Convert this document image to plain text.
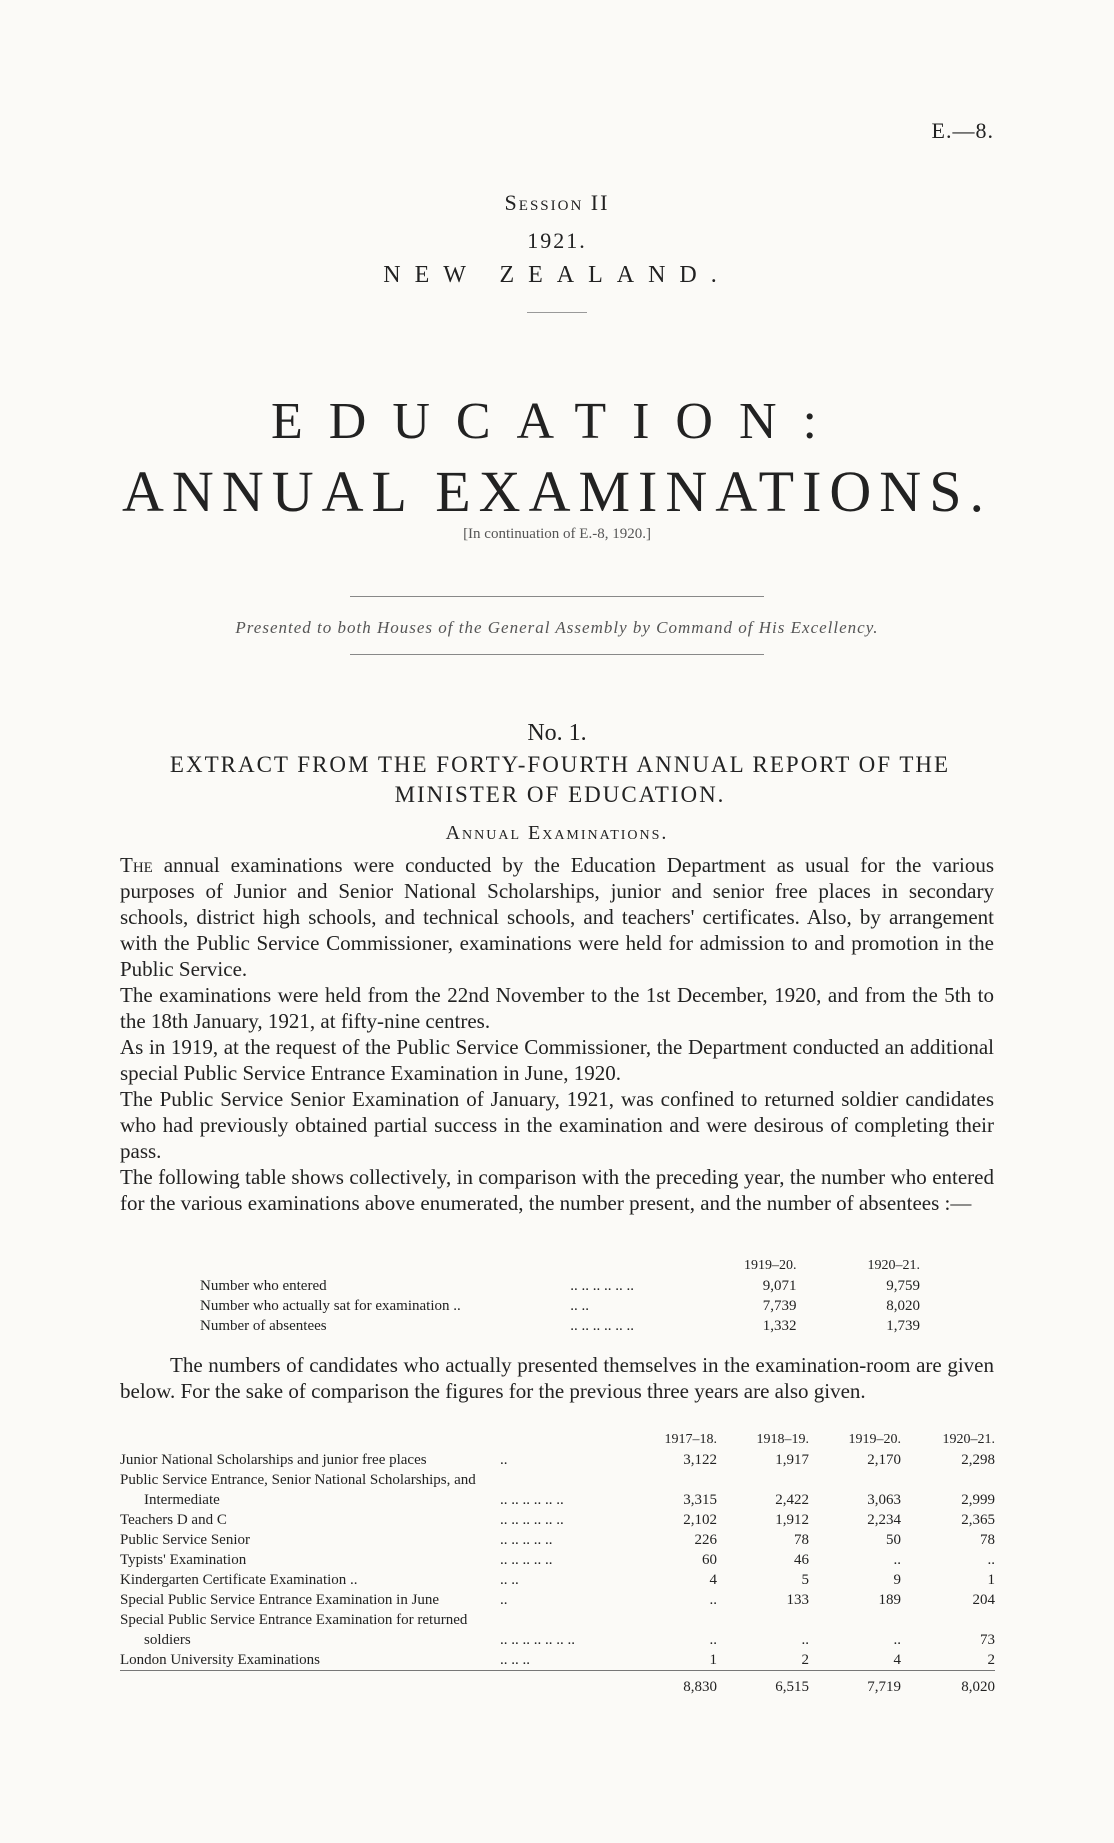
E.—8.
Session II
1921.
NEW ZEALAND.
EDUCATION:
ANNUAL EXAMINATIONS.
[In continuation of E.-8, 1920.]
Presented to both Houses of the General Assembly by Command of His Excellency.
No. 1.
EXTRACT FROM THE FORTY-FOURTH ANNUAL REPORT OF THE MINISTER OF EDUCATION.
Annual Examinations.

The annual examinations were conducted by the Education Department as usual for the various purposes of Junior and Senior National Scholarships, junior and senior free places in secondary schools, district high schools, and technical schools, and teachers' certificates. Also, by arrangement with the Public Service Commissioner, examinations were held for admission to and promotion in the Public Service.

The examinations were held from the 22nd November to the 1st December, 1920, and from the 5th to the 18th January, 1921, at fifty-nine centres.

As in 1919, at the request of the Public Service Commissioner, the Department conducted an additional special Public Service Entrance Examination in June, 1920.

The Public Service Senior Examination of January, 1921, was confined to returned soldier candidates who had previously obtained partial success in the examination and were desirous of completing their pass.

The following table shows collectively, in comparison with the preceding year, the number who entered for the various examinations above enumerated, the number present, and the number of absentees :—

		1919–20.	1920–21.
Number who entered	.. .. .. .. .. ..	9,071	9,759
Number who actually sat for examination ..	.. ..	7,739	8,020
Number of absentees	.. .. .. .. .. ..	1,332	1,739

The numbers of candidates who actually presented themselves in the examination-room are given below. For the sake of comparison the figures for the previous three years are also given.

		1917–18.	1918–19.	1919–20.	1920–21.
Junior National Scholarships and junior free places	..	3,122	1,917	2,170	2,298
Public Service Entrance, Senior National Scholarships, and					
Intermediate	.. .. .. .. .. ..	3,315	2,422	3,063	2,999
Teachers D and C	.. .. .. .. .. ..	2,102	1,912	2,234	2,365
Public Service Senior	.. .. .. .. ..	226	78	50	78
Typists' Examination	.. .. .. .. ..	60	46	..	..
Kindergarten Certificate Examination ..	.. ..	4	5	9	1
Special Public Service Entrance Examination in June	..	..	133	189	204
Special Public Service Entrance Examination for returned					
soldiers	.. .. .. .. .. .. ..	..	..	..	73
London University Examinations	.. .. ..	1	2	4	2
		8,830	6,515	7,719	8,020
